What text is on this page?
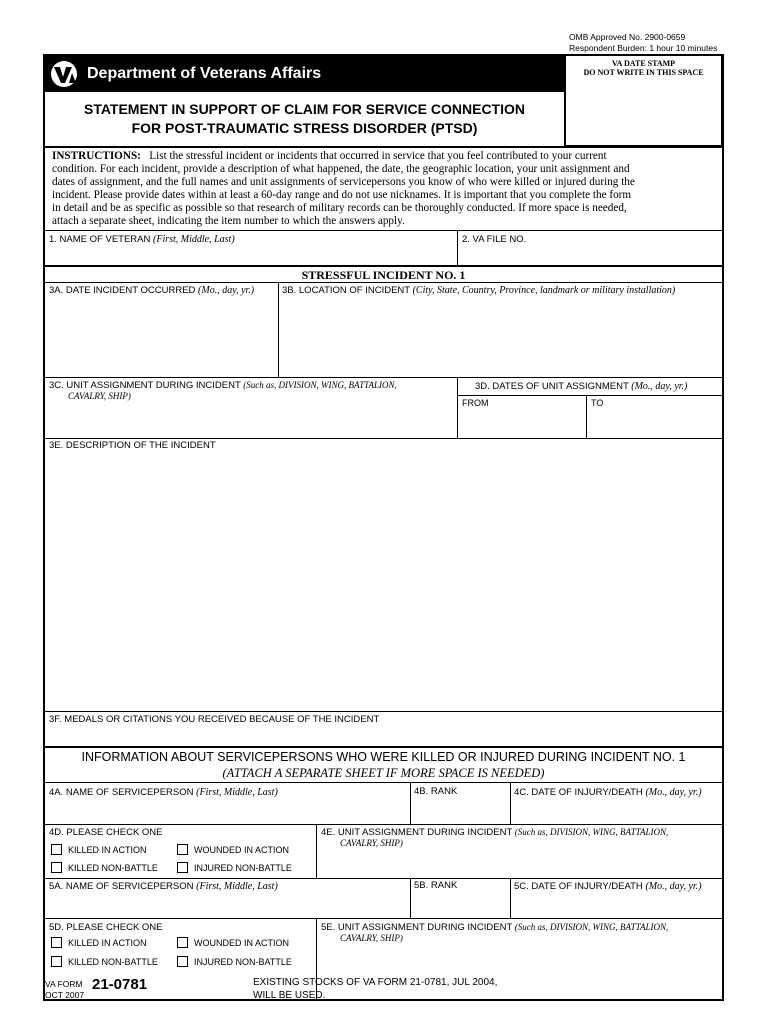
OMB Approved No. 2900-0659
Respondent Burden: 1 hour 10 minutes
Department of Veterans Affairs
VA DATE STAMP
DO NOT WRITE IN THIS SPACE
STATEMENT IN SUPPORT OF CLAIM FOR SERVICE CONNECTION
FOR POST-TRAUMATIC STRESS DISORDER (PTSD)
INSTRUCTIONS: List the stressful incident or incidents that occurred in service that you feel contributed to your current
condition. For each incident, provide a description of what happened, the date, the geographic location, your unit assignment and
dates of assignment, and the full names and unit assignments of servicepersons you know of who were killed or injured during the
incident. Please provide dates within at least a 60-day range and do not use nicknames. It is important that you complete the form
in detail and be as specific as possible so that research of military records can be thoroughly conducted. If more space is needed,
attach a separate sheet, indicating the item number to which the answers apply.
1. NAME OF VETERAN (First, Middle, Last)	2. VA FILE NO.
STRESSFUL INCIDENT NO. 1
3A. DATE INCIDENT OCCURRED (Mo., day, yr.)	3B. LOCATION OF INCIDENT (City, State, Country, Province, landmark or military installation)
3C. UNIT ASSIGNMENT DURING INCIDENT (Such as, DIVISION, WING, BATTALION,
CAVALRY, SHIP)
3D. DATES OF UNIT ASSIGNMENT (Mo., day, yr.)
FROM	TO
3E. DESCRIPTION OF THE INCIDENT
3F. MEDALS OR CITATIONS YOU RECEIVED BECAUSE OF THE INCIDENT
INFORMATION ABOUT SERVICEPERSONS WHO WERE KILLED OR INJURED DURING INCIDENT NO. 1
(ATTACH A SEPARATE SHEET IF MORE SPACE IS NEEDED)
4A. NAME OF SERVICEPERSON (First, Middle, Last)	4B. RANK	4C. DATE OF INJURY/DEATH (Mo., day, yr.)
4D. PLEASE CHECK ONE
KILLED IN ACTION	WOUNDED IN ACTION
KILLED NON-BATTLE	INJURED NON-BATTLE
4E. UNIT ASSIGNMENT DURING INCIDENT (Such as, DIVISION, WING, BATTALION,
CAVALRY, SHIP)
5A. NAME OF SERVICEPERSON (First, Middle, Last)	5B. RANK	5C. DATE OF INJURY/DEATH (Mo., day, yr.)
5D. PLEASE CHECK ONE
KILLED IN ACTION	WOUNDED IN ACTION
KILLED NON-BATTLE	INJURED NON-BATTLE
5E. UNIT ASSIGNMENT DURING INCIDENT (Such as, DIVISION, WING, BATTALION,
CAVALRY, SHIP)
VA FORM
OCT 2007
21-0781	EXISTING STOCKS OF VA FORM 21-0781, JUL 2004,
WILL BE USED.
